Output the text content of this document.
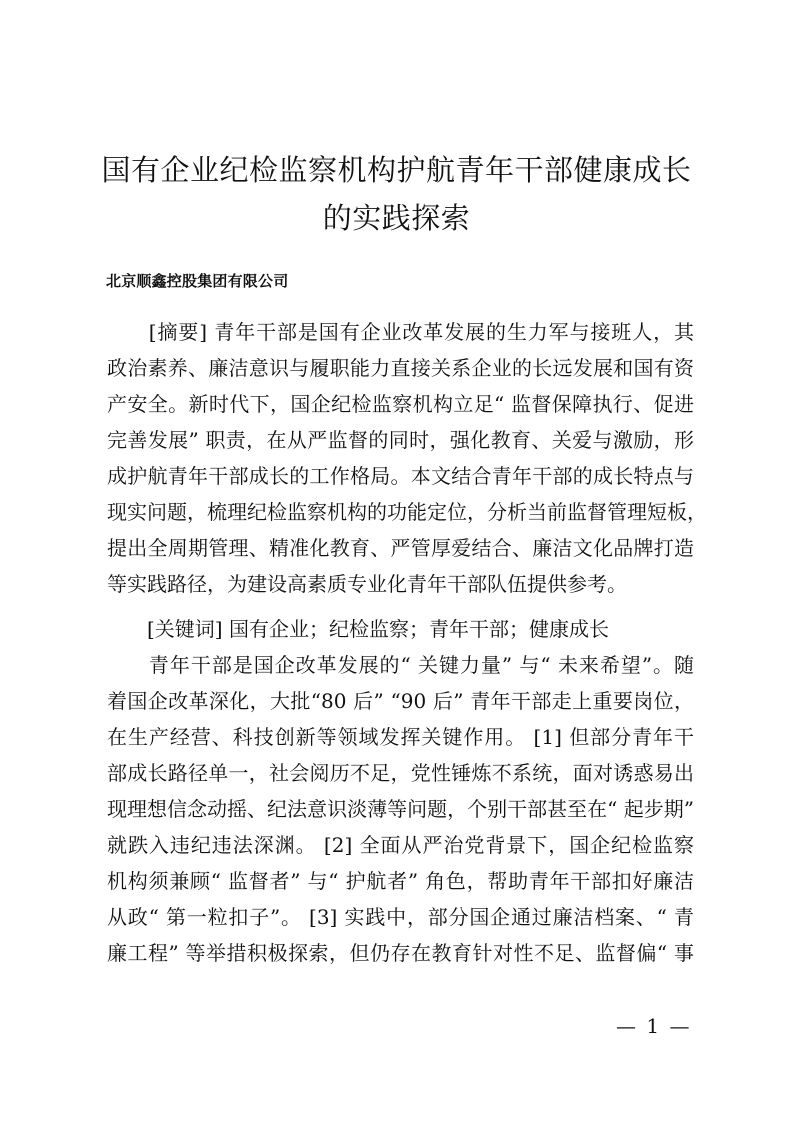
国有企业纪检监察机构护航青年干部健康成长
的实践探索
北京顺鑫控股集团有限公司
　　[摘要] 青年干部是国有企业改革发展的生力军与接班人，其
政治素养、廉洁意识与履职能力直接关系企业的长远发展和国有资
产安全。新时代下，国企纪检监察机构立足“ 监督保障执行、促进
完善发展” 职责，在从严监督的同时，强化教育、关爱与激励，形
成护航青年干部成长的工作格局。本文结合青年干部的成长特点与
现实问题，梳理纪检监察机构的功能定位，分析当前监督管理短板，
提出全周期管理、精准化教育、严管厚爱结合、廉洁文化品牌打造
等实践路径，为建设高素质专业化青年干部队伍提供参考。
　　[关键词] 国有企业；纪检监察；青年干部；健康成长
　　青年干部是国企改革发展的“ 关键力量” 与“ 未来希望”。随
着国企改革深化，大批“80 后” “90 后” 青年干部走上重要岗位，
在生产经营、科技创新等领域发挥关键作用。 [1] 但部分青年干
部成长路径单一，社会阅历不足，党性锤炼不系统，面对诱惑易出
现理想信念动摇、纪法意识淡薄等问题，个别干部甚至在“ 起步期”
就跌入违纪违法深渊。 [2] 全面从严治党背景下，国企纪检监察
机构须兼顾“ 监督者” 与“ 护航者” 角色，帮助青年干部扣好廉洁
从政“ 第一粒扣子”。 [3] 实践中，部分国企通过廉洁档案、“ 青
廉工程” 等举措积极探索，但仍存在教育针对性不足、监督偏“ 事
— 1 —
